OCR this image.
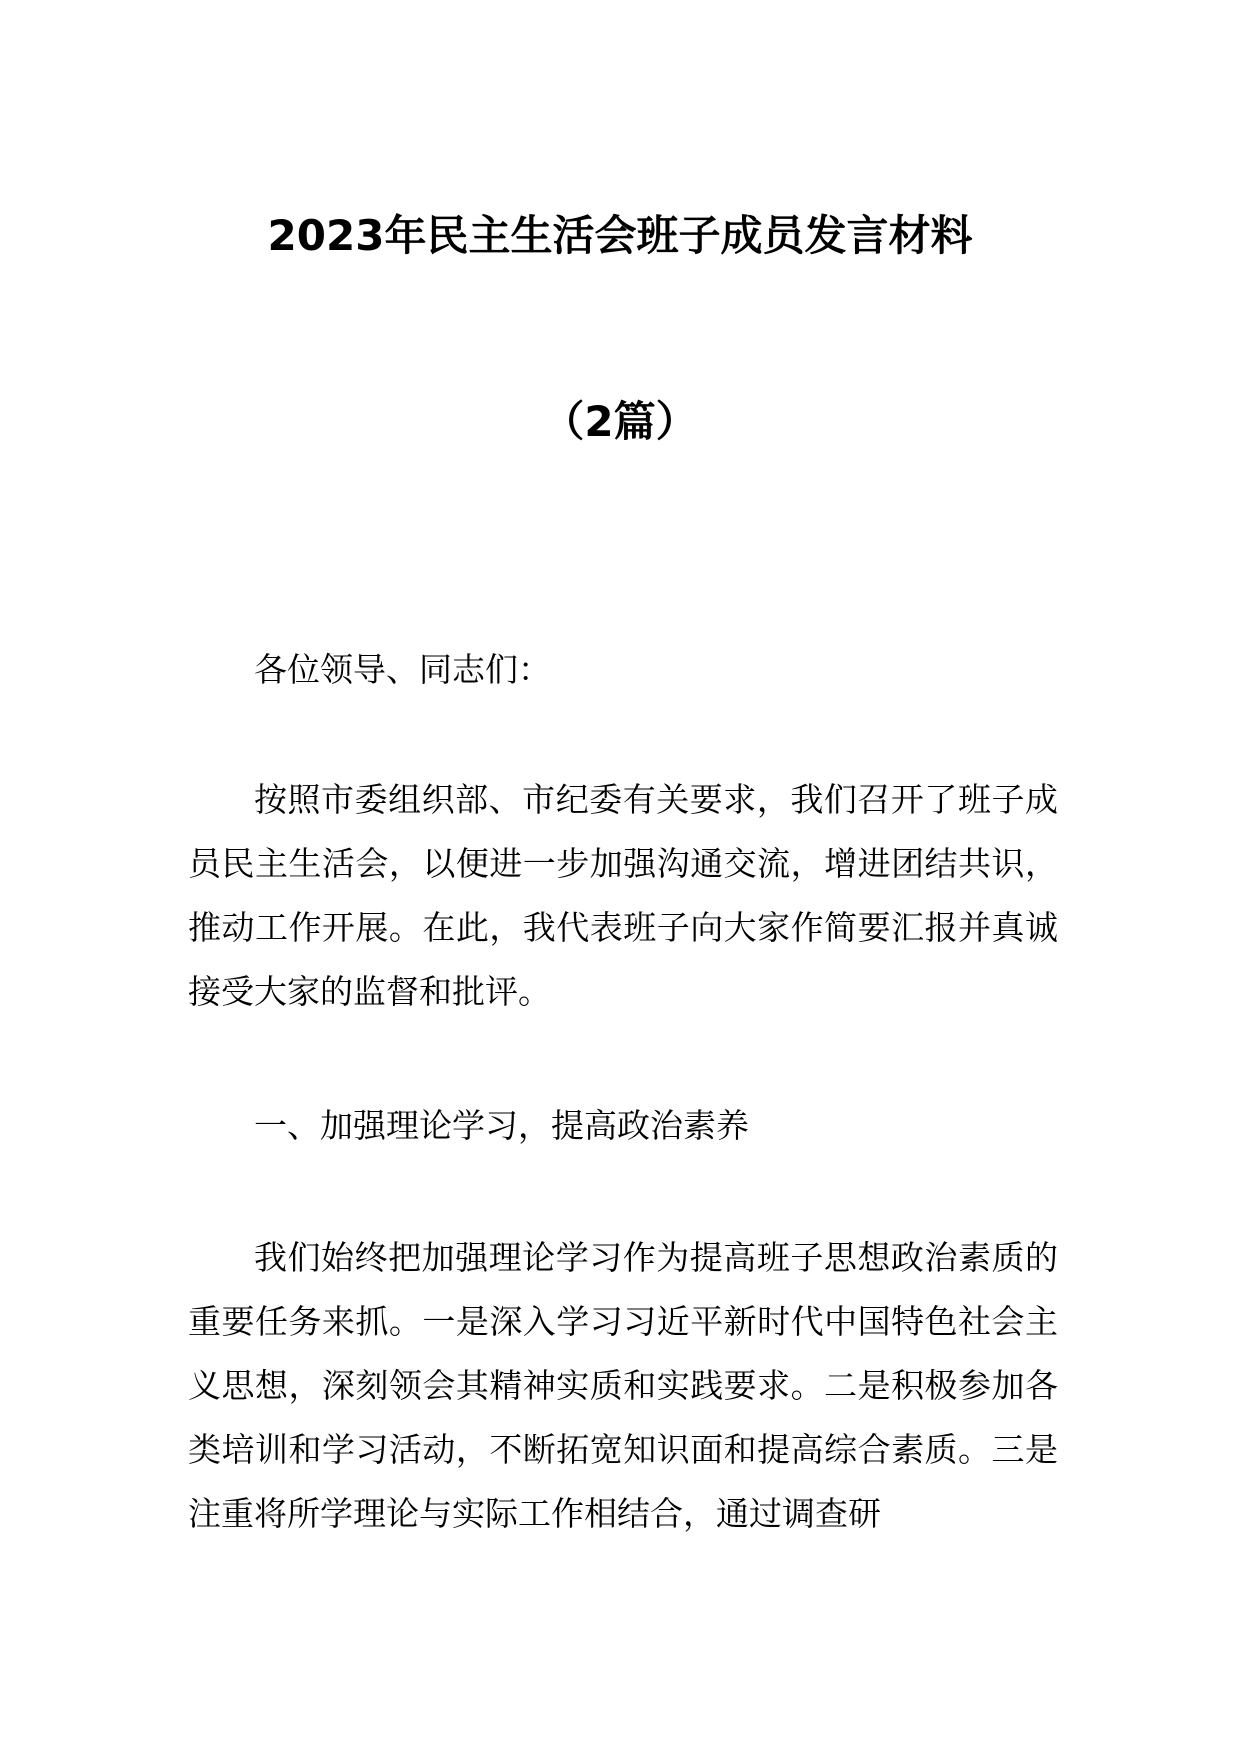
2023年民主生活会班子成员发言材料
（2篇）

各位领导、同志们：

按照市委组织部、市纪委有关要求，我们召开了班子成员民主生活会，以便进一步加强沟通交流，增进团结共识，推动工作开展。在此，我代表班子向大家作简要汇报并真诚接受大家的监督和批评。

一、加强理论学习，提高政治素养

我们始终把加强理论学习作为提高班子思想政治素质的重要任务来抓。一是深入学习习近平新时代中国特色社会主义思想，深刻领会其精神实质和实践要求。二是积极参加各类培训和学习活动，不断拓宽知识面和提高综合素质。三是注重将所学理论与实际工作相结合，通过调查研
